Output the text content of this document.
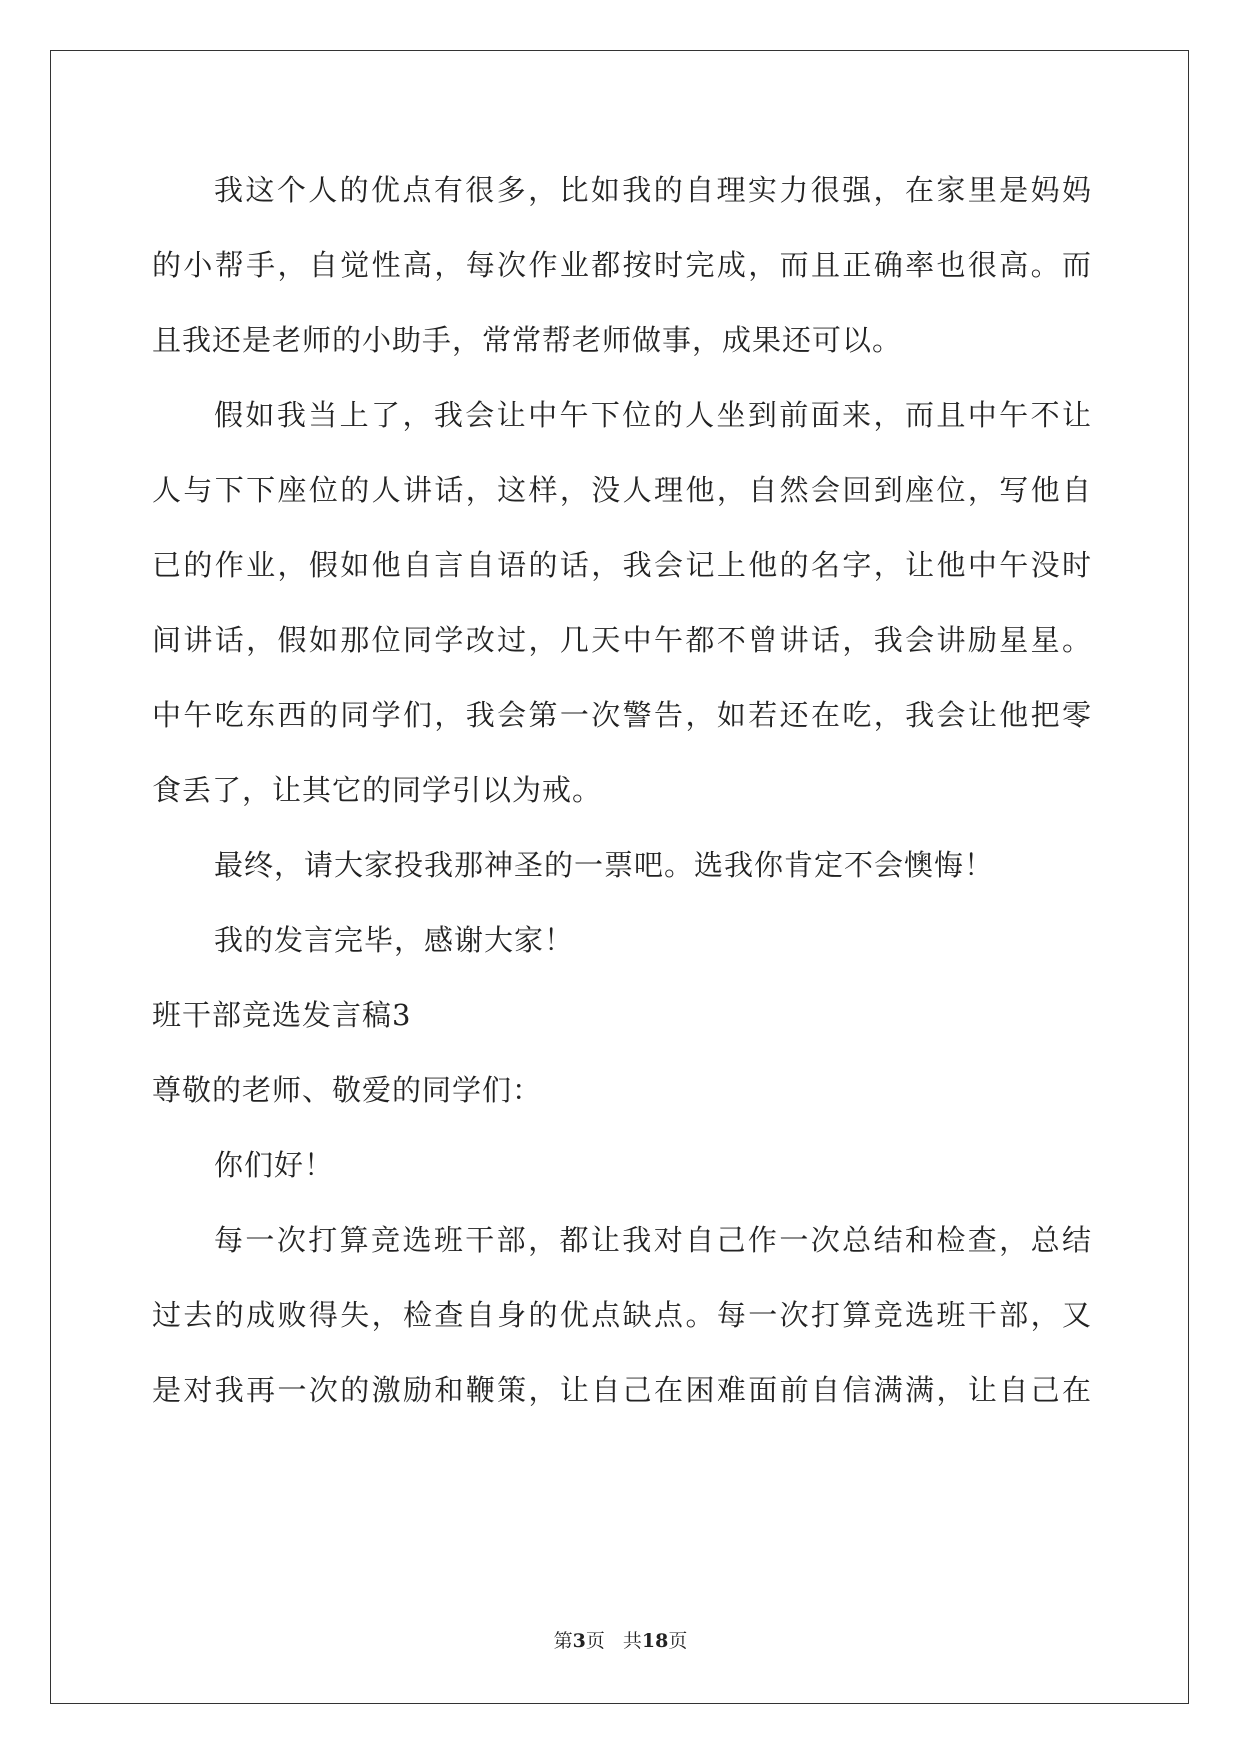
我这个人的优点有很多，比如我的自理实力很强，在家里是妈妈
的小帮手，自觉性高，每次作业都按时完成，而且正确率也很高。而
且我还是老师的小助手，常常帮老师做事，成果还可以。
假如我当上了，我会让中午下位的人坐到前面来，而且中午不让
人与下下座位的人讲话，这样，没人理他，自然会回到座位，写他自
已的作业，假如他自言自语的话，我会记上他的名字，让他中午没时
间讲话，假如那位同学改过，几天中午都不曾讲话，我会讲励星星。
中午吃东西的同学们，我会第一次警告，如若还在吃，我会让他把零
食丢了，让其它的同学引以为戒。
最终，请大家投我那神圣的一票吧。选我你肯定不会懊悔！
我的发言完毕，感谢大家！
班干部竞选发言稿3
尊敬的老师、敬爱的同学们：
你们好！
每一次打算竞选班干部，都让我对自己作一次总结和检查，总结
过去的成败得失，检查自身的优点缺点。每一次打算竞选班干部，又
是对我再一次的激励和鞭策，让自己在困难面前自信满满，让自己在
第3页 共18页
